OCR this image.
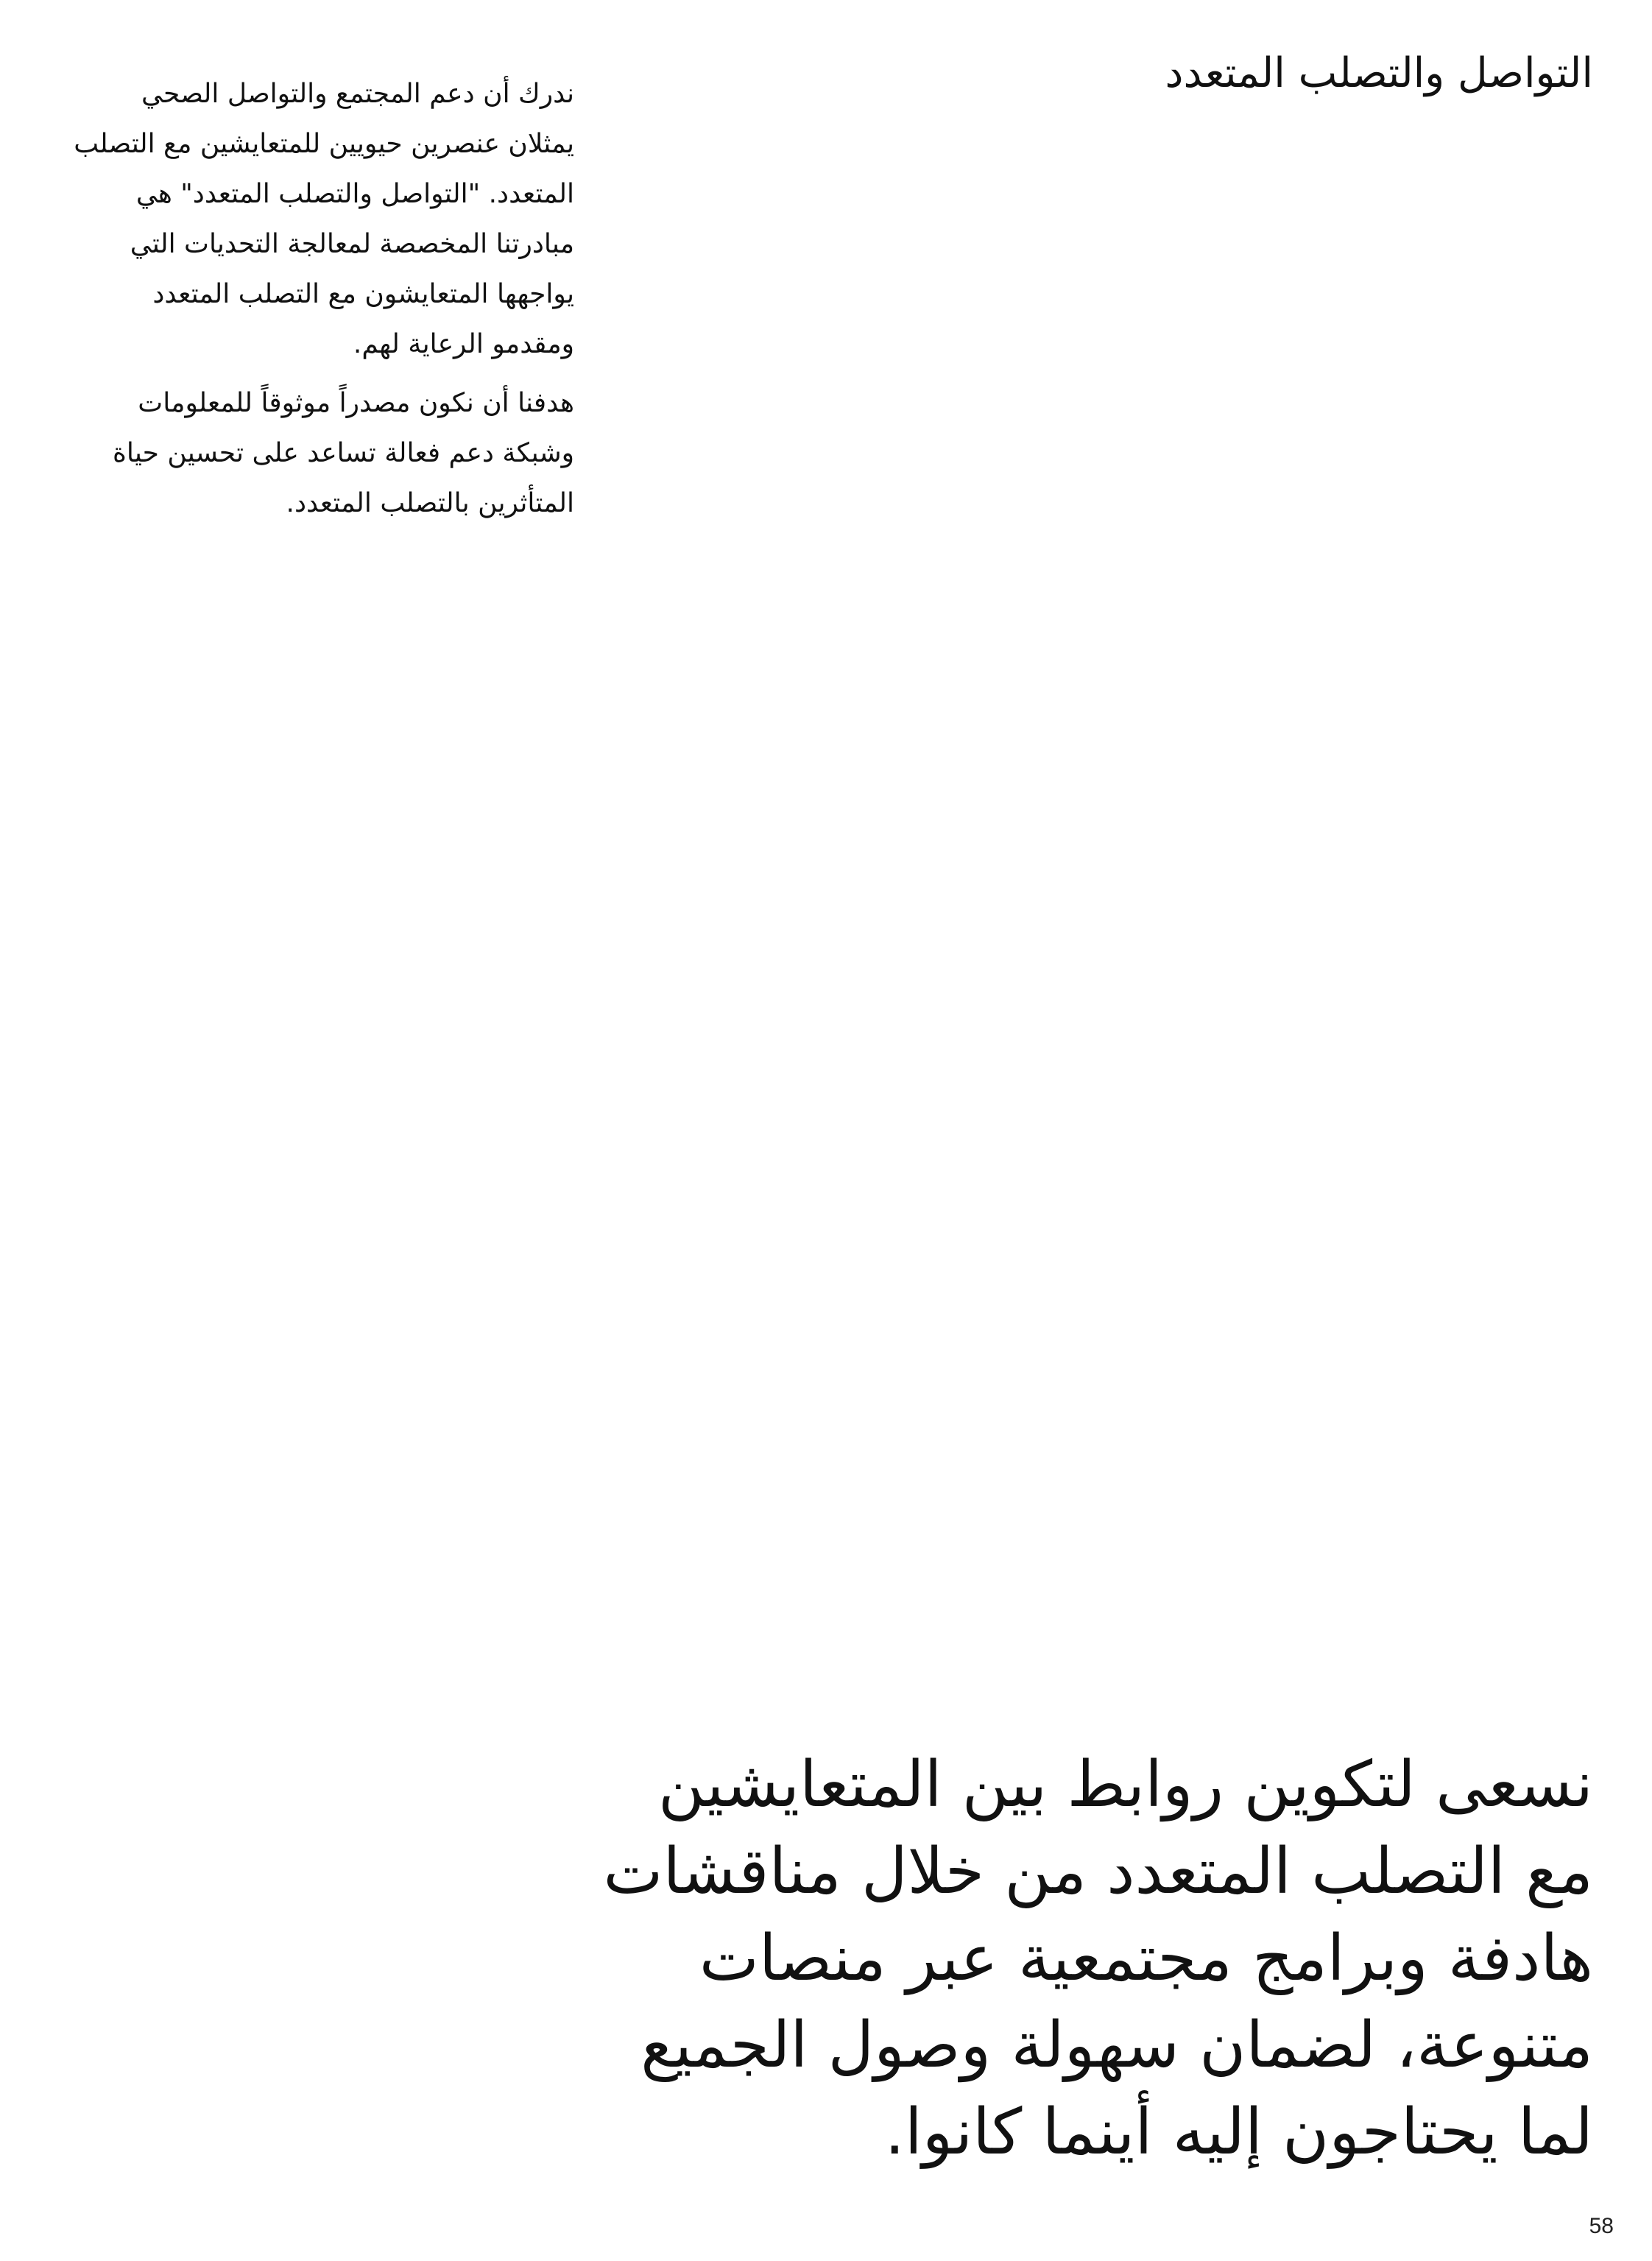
التواصل والتصلب المتعدد

ندرك أن دعم المجتمع والتواصل الصحي يمثلان عنصرين حيويين للمتعايشين مع التصلب المتعدد. "التواصل والتصلب المتعدد" هي مبادرتنا المخصصة لمعالجة التحديات التي يواجهها المتعايشون مع التصلب المتعدد ومقدمو الرعاية لهم.

هدفنا أن نكون مصدراً موثوقاً للمعلومات وشبكة دعم فعالة تساعد على تحسين حياة المتأثرين بالتصلب المتعدد.

نسعى لتكوين روابط بين المتعايشين مع التصلب المتعدد من خلال مناقشات هادفة وبرامج مجتمعية عبر منصات متنوعة، لضمان سهولة وصول الجميع لما يحتاجون إليه أينما كانوا.

58
